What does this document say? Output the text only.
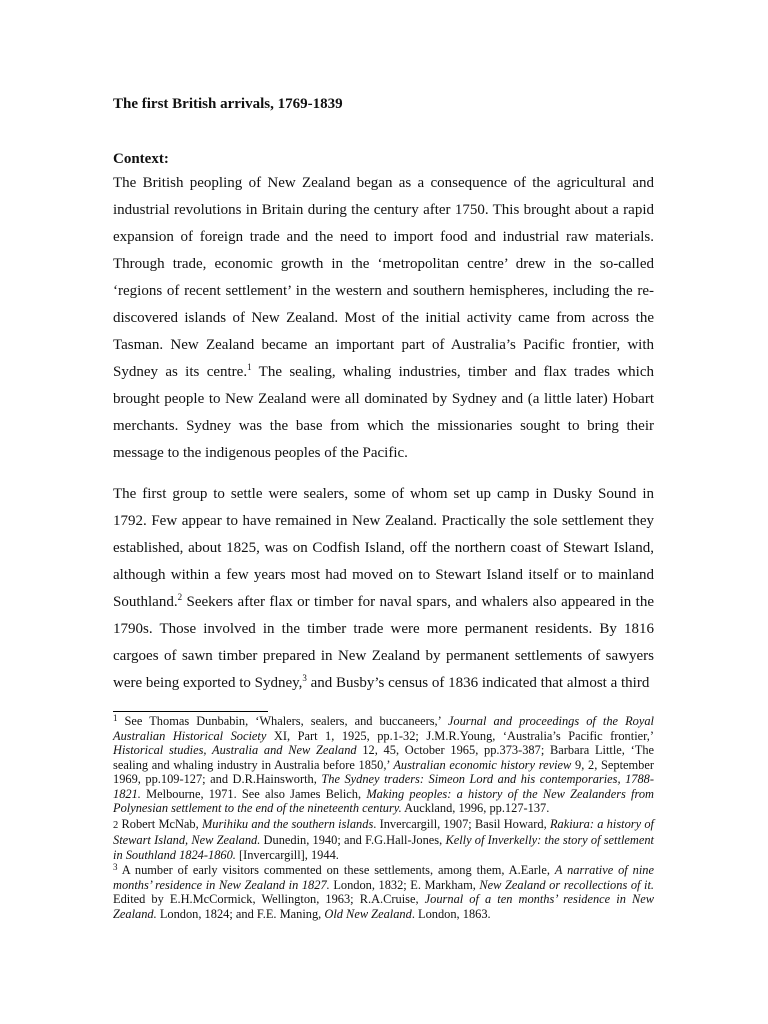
The first British arrivals, 1769-1839
Context:

The British peopling of New Zealand began as a consequence of the agricultural and industrial revolutions in Britain during the century after 1750. This brought about a rapid expansion of foreign trade and the need to import food and industrial raw materials. Through trade, economic growth in the ‘metropolitan centre’ drew in the so-called ‘regions of recent settlement’ in the western and southern hemispheres, including the re-discovered islands of New Zealand. Most of the initial activity came from across the Tasman. New Zealand became an important part of Australia’s Pacific frontier, with Sydney as its centre.$^1$ The sealing, whaling industries, timber and flax trades which brought people to New Zealand were all dominated by Sydney and (a little later) Hobart merchants. Sydney was the base from which the missionaries sought to bring their message to the indigenous peoples of the Pacific.

The first group to settle were sealers, some of whom set up camp in Dusky Sound in 1792. Few appear to have remained in New Zealand. Practically the sole settlement they established, about 1825, was on Codfish Island, off the northern coast of Stewart Island, although within a few years most had moved on to Stewart Island itself or to mainland Southland.$^2$ Seekers after flax or timber for naval spars, and whalers also appeared in the 1790s. Those involved in the timber trade were more permanent residents. By 1816 cargoes of sawn timber prepared in New Zealand by permanent settlements of sawyers were being exported to Sydney,$^3$ and Busby’s census of 1836 indicated that almost a third

$^1$ See Thomas Dunbabin, ‘Whalers, sealers, and buccaneers,’ Journal and proceedings of the Royal Australian Historical Society XI, Part 1, 1925, pp.1-32; J.M.R.Young, ‘Australia’s Pacific frontier,’ Historical studies, Australia and New Zealand 12, 45, October 1965, pp.373-387; Barbara Little, ‘The sealing and whaling industry in Australia before 1850,’ Australian economic history review 9, 2, September 1969, pp.109-127; and D.R.Hainsworth, The Sydney traders: Simeon Lord and his contemporaries, 1788-1821. Melbourne, 1971. See also James Belich, Making peoples: a history of the New Zealanders from Polynesian settlement to the end of the nineteenth century. Auckland, 1996, pp.127-137.

2 Robert McNab, Murihiku and the southern islands. Invercargill, 1907; Basil Howard, Rakiura: a history of Stewart Island, New Zealand. Dunedin, 1940; and F.G.Hall-Jones, Kelly of Inverkelly: the story of settlement in Southland 1824-1860. [Invercargill], 1944.

$^3$ A number of early visitors commented on these settlements, among them, A.Earle, A narrative of nine months’ residence in New Zealand in 1827. London, 1832; E. Markham, New Zealand or recollections of it. Edited by E.H.McCormick, Wellington, 1963; R.A.Cruise, Journal of a ten months’ residence in New Zealand. London, 1824; and F.E. Maning, Old New Zealand. London, 1863.
